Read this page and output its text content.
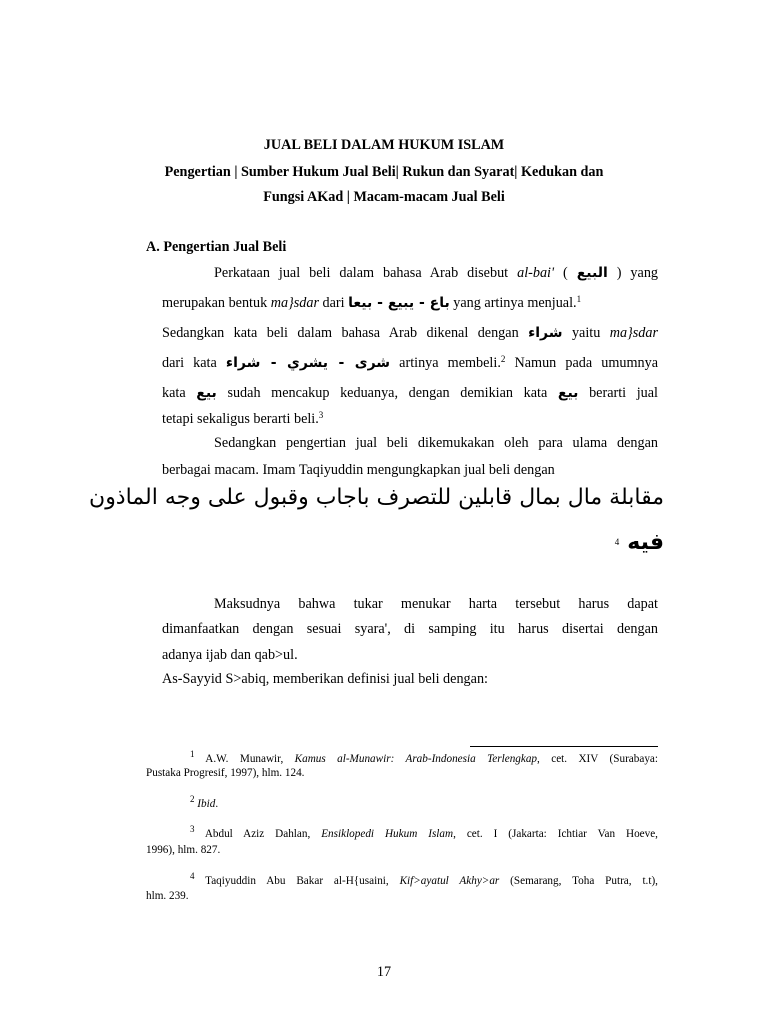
JUAL BELI DALAM HUKUM ISLAM
Pengertian | Sumber Hukum Jual Beli| Rukun dan Syarat| Kedukan dan
Fungsi AKad | Macam-macam Jual Beli
A. Pengertian Jual Beli
Perkataan jual beli dalam bahasa Arab disebut al-bai' ( البيع ) yang
merupakan bentuk ma}sdar dari باع - يبيع - بيعا yang artinya menjual.$^1$
Sedangkan kata beli dalam bahasa Arab dikenal dengan شراء yaitu ma}sdar
dari kata شرى - يشري - شراء artinya membeli.$^2$ Namun pada umumnya
kata بيع sudah mencakup keduanya, dengan demikian kata بيع berarti jual
tetapi sekaligus berarti beli.$^3$
Sedangkan pengertian jual beli dikemukakan oleh para ulama dengan
berbagai macam. Imam Taqiyuddin mengungkapkan jual beli dengan
مقابلة مال بمال قابلين للتصرف باجاب وقبول على وجه الماذون
$^4$ فيه
Maksudnya bahwa tukar menukar harta tersebut harus dapat
dimanfaatkan dengan sesuai syara', di samping itu harus disertai dengan
adanya ijab dan qab>ul.
As-Sayyid S>abiq, memberikan definisi jual beli dengan:
$^1$ A.W. Munawir, Kamus al-Munawir: Arab-Indonesia Terlengkap, cet. XIV (Surabaya:
Pustaka Progresif, 1997), hlm. 124.
$^2$ Ibid.
$^3$ Abdul Aziz Dahlan, Ensiklopedi Hukum Islam, cet. I (Jakarta: Ichtiar Van Hoeve,
1996), hlm. 827.
$^4$ Taqiyuddin Abu Bakar al-H{usaini, Kif>ayatul Akhy>ar (Semarang, Toha Putra, t.t),
hlm. 239.
17
